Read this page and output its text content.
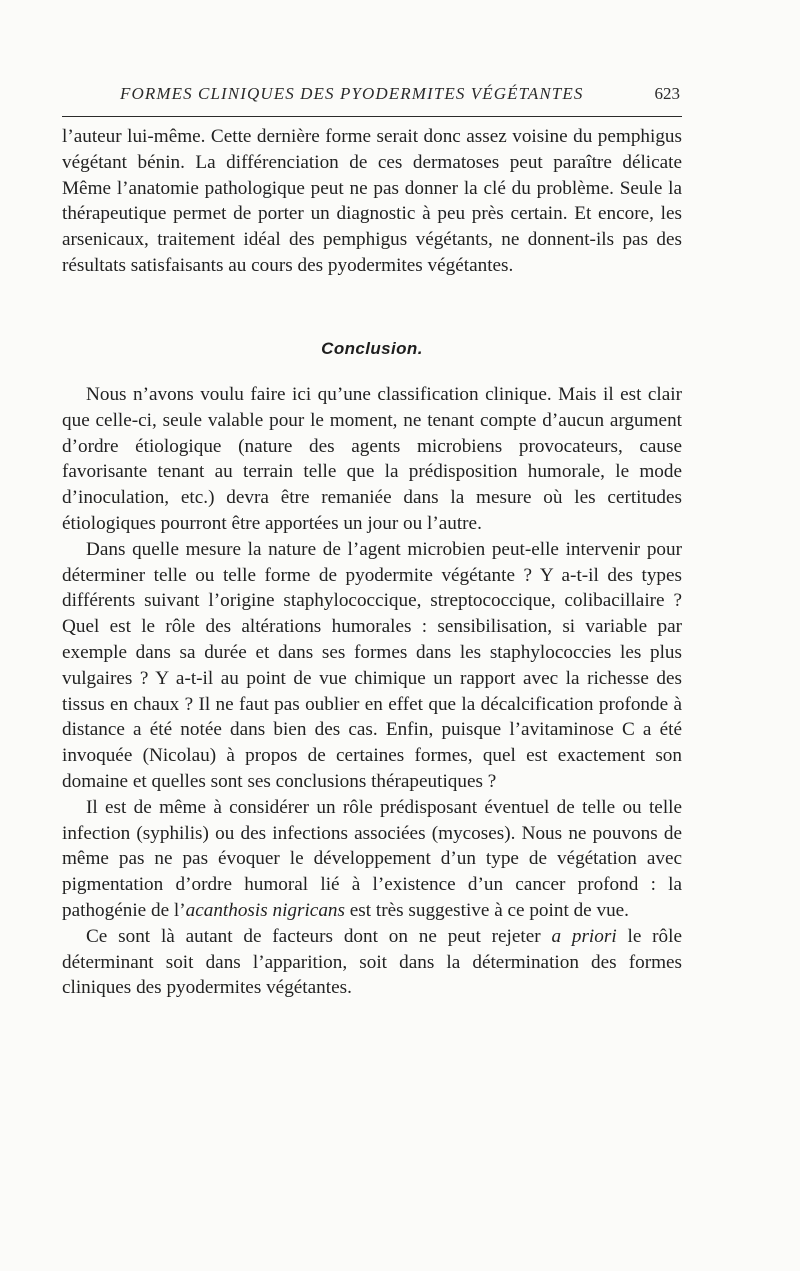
FORMES CLINIQUES DES PYODERMITES VÉGÉTANTES	623

l’auteur lui-même. Cette dernière forme serait donc assez voisine du pemphigus végétant bénin. La différenciation de ces dermatoses peut paraître délicate Même l’anatomie pathologique peut ne pas donner la clé du problème. Seule la thérapeutique permet de porter un diagnostic à peu près certain. Et encore, les arsenicaux, traitement idéal des pemphigus végétants, ne donnent-ils pas des résultats satisfaisants au cours des pyodermites végétantes.

Conclusion.

Nous n’avons voulu faire ici qu’une classification clinique. Mais il est clair que celle-ci, seule valable pour le moment, ne tenant compte d’aucun argument d’ordre étiologique (nature des agents microbiens provocateurs, cause favorisante tenant au terrain telle que la prédisposition humorale, le mode d’inoculation, etc.) devra être remaniée dans la mesure où les certitudes étiologiques pourront être apportées un jour ou l’autre.

Dans quelle mesure la nature de l’agent microbien peut-elle intervenir pour déterminer telle ou telle forme de pyodermite végétante ? Y a-t-il des types différents suivant l’origine staphylococcique, streptococcique, colibacillaire ? Quel est le rôle des altérations humorales : sensibilisation, si variable par exemple dans sa durée et dans ses formes dans les staphylococcies les plus vulgaires ? Y a-t-il au point de vue chimique un rapport avec la richesse des tissus en chaux ? Il ne faut pas oublier en effet que la décalcification profonde à distance a été notée dans bien des cas. Enfin, puisque l’avitaminose C a été invoquée (Nicolau) à propos de certaines formes, quel est exactement son domaine et quelles sont ses conclusions thérapeutiques ?

Il est de même à considérer un rôle prédisposant éventuel de telle ou telle infection (syphilis) ou des infections associées (mycoses). Nous ne pouvons de même pas ne pas évoquer le développement d’un type de végétation avec pigmentation d’ordre humoral lié à l’existence d’un cancer profond : la pathogénie de l’acanthosis nigricans est très suggestive à ce point de vue.

Ce sont là autant de facteurs dont on ne peut rejeter a priori le rôle déterminant soit dans l’apparition, soit dans la détermination des formes cliniques des pyodermites végétantes.
